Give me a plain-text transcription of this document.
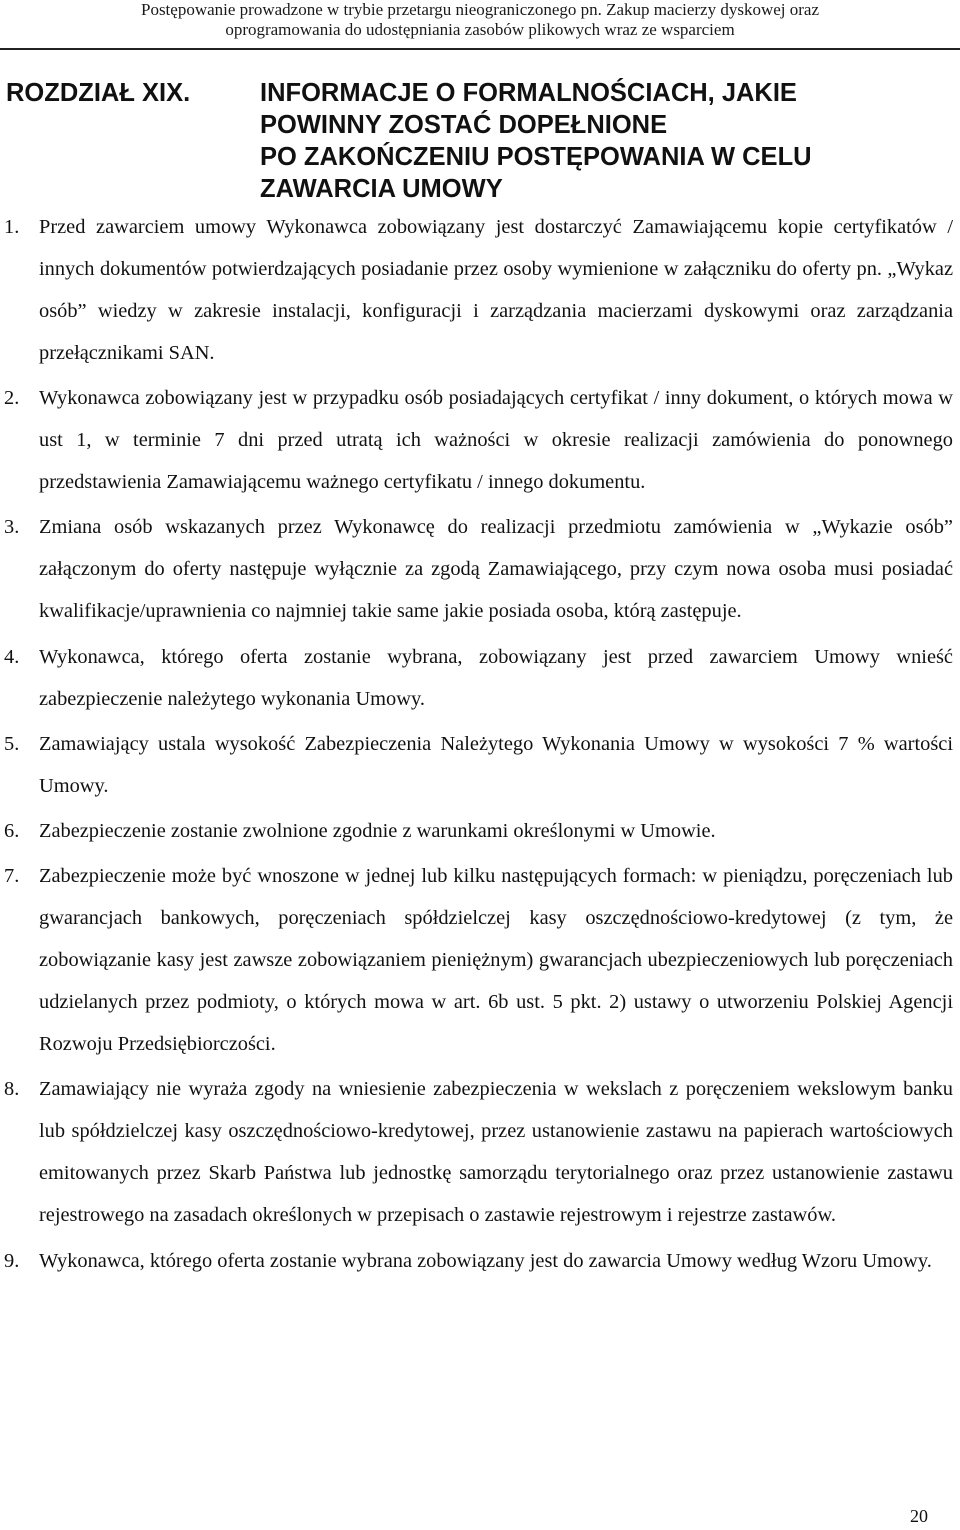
Postępowanie prowadzone w trybie przetargu nieograniczonego pn. Zakup macierzy dyskowej oraz
oprogramowania do udostępniania zasobów plikowych wraz ze wsparciem
ROZDZIAŁ XIX.	INFORMACJE O FORMALNOŚCIACH, JAKIE
POWINNY ZOSTAĆ DOPEŁNIONE
PO ZAKOŃCZENIU POSTĘPOWANIA W CELU
ZAWARCIA UMOWY
1. Przed zawarciem umowy Wykonawca zobowiązany jest dostarczyć Zamawiającemu kopie certyfikatów / innych dokumentów potwierdzających posiadanie przez osoby wymienione w załączniku do oferty pn. „Wykaz osób” wiedzy w zakresie instalacji, konfiguracji i zarządzania macierzami dyskowymi oraz zarządzania przełącznikami SAN.
2. Wykonawca zobowiązany jest w przypadku osób posiadających certyfikat / inny dokument, o których mowa w ust 1, w terminie 7 dni przed utratą ich ważności w okresie realizacji zamówienia do ponownego przedstawienia Zamawiającemu ważnego certyfikatu / innego dokumentu.
3. Zmiana osób wskazanych przez Wykonawcę do realizacji przedmiotu zamówienia w „Wykazie osób” załączonym do oferty następuje wyłącznie za zgodą Zamawiającego, przy czym nowa osoba musi posiadać kwalifikacje/uprawnienia co najmniej takie same jakie posiada osoba, którą zastępuje.
4. Wykonawca, którego oferta zostanie wybrana, zobowiązany jest przed zawarciem Umowy wnieść zabezpieczenie należytego wykonania Umowy.
5. Zamawiający ustala wysokość Zabezpieczenia Należytego Wykonania Umowy w wysokości 7 % wartości Umowy.
6. Zabezpieczenie zostanie zwolnione zgodnie z warunkami określonymi w Umowie.
7. Zabezpieczenie może być wnoszone w jednej lub kilku następujących formach: w pieniądzu, poręczeniach lub gwarancjach bankowych, poręczeniach spółdzielczej kasy oszczędnościowo-kredytowej (z tym, że zobowiązanie kasy jest zawsze zobowiązaniem pieniężnym) gwarancjach ubezpieczeniowych lub poręczeniach udzielanych przez podmioty, o których mowa w art. 6b ust. 5 pkt. 2) ustawy o utworzeniu Polskiej Agencji Rozwoju Przedsiębiorczości.
8. Zamawiający nie wyraża zgody na wniesienie zabezpieczenia w wekslach z poręczeniem wekslowym banku lub spółdzielczej kasy oszczędnościowo-kredytowej, przez ustanowienie zastawu na papierach wartościowych emitowanych przez Skarb Państwa lub jednostkę samorządu terytorialnego oraz przez ustanowienie zastawu rejestrowego na zasadach określonych w przepisach o zastawie rejestrowym i rejestrze zastawów.
9. Wykonawca, którego oferta zostanie wybrana zobowiązany jest do zawarcia Umowy według Wzoru Umowy.
20
